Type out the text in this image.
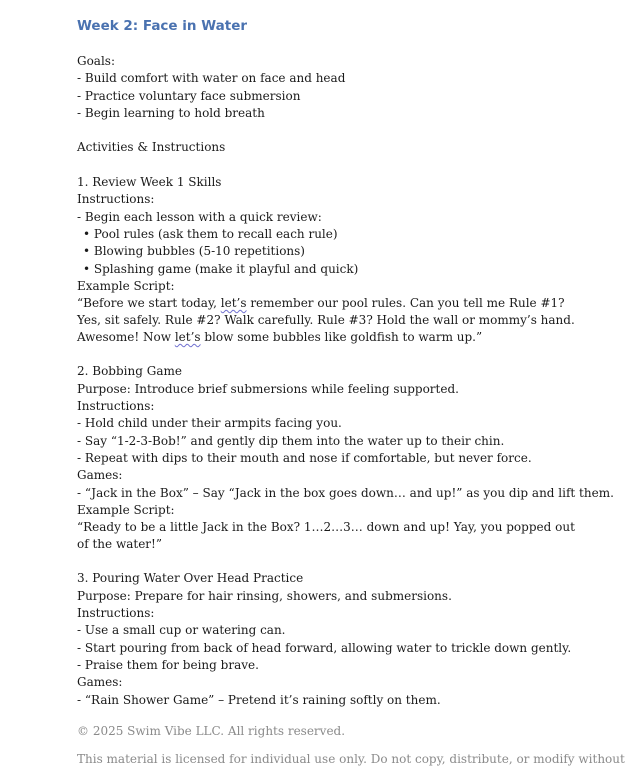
Week 2: Face in Water
Goals:
- Build comfort with water on face and head
- Practice voluntary face submersion
- Begin learning to hold breath
Activities & Instructions
1. Review Week 1 Skills
Instructions:
- Begin each lesson with a quick review:
• Pool rules (ask them to recall each rule)
• Blowing bubbles (5-10 repetitions)
• Splashing game (make it playful and quick)
Example Script:
“Before we start today, let’s remember our pool rules. Can you tell me Rule #1? Yes, sit safely. Rule #2? Walk carefully. Rule #3? Hold the wall or mommy’s hand. Awesome! Now let’s blow some bubbles like goldfish to warm up.”
2. Bobbing Game
Purpose: Introduce brief submersions while feeling supported.
Instructions:
- Hold child under their armpits facing you.
- Say “1-2-3-Bob!” and gently dip them into the water up to their chin.
- Repeat with dips to their mouth and nose if comfortable, but never force.
Games:
- “Jack in the Box” – Say “Jack in the box goes down… and up!” as you dip and lift them.
Example Script:
“Ready to be a little Jack in the Box? 1…2…3… down and up! Yay, you popped out of the water!”
3. Pouring Water Over Head Practice
Purpose: Prepare for hair rinsing, showers, and submersions.
Instructions:
- Use a small cup or watering can.
- Start pouring from back of head forward, allowing water to trickle down gently.
- Praise them for being brave.
Games:
- “Rain Shower Game” – Pretend it’s raining softly on them.
© 2025 Swim Vibe LLC. All rights reserved.
This material is licensed for individual use only. Do not copy, distribute, or modify without
